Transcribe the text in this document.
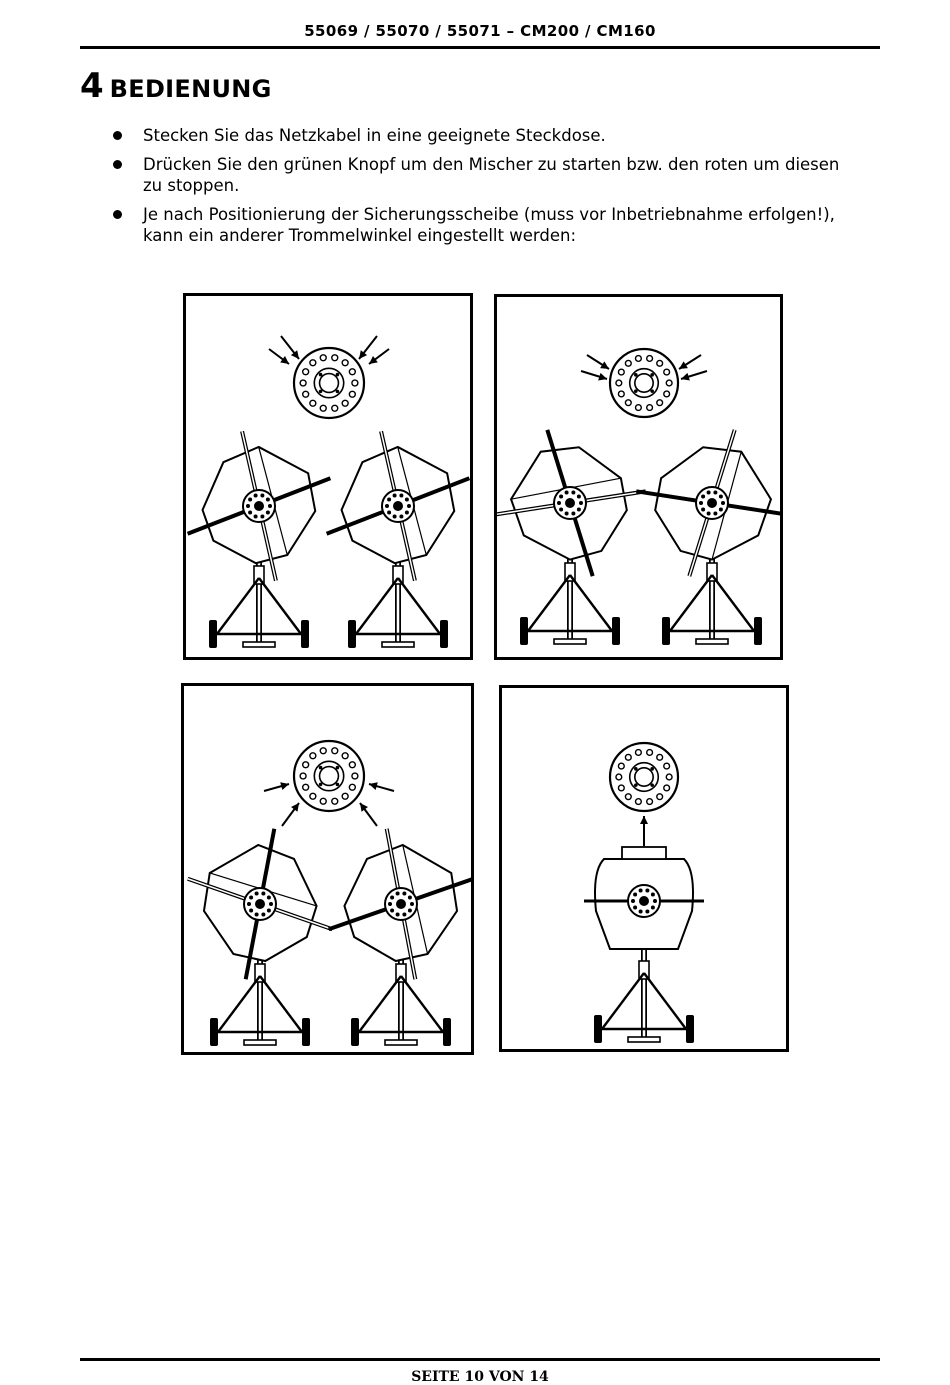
55069 / 55070 / 55071 – CM200 / CM160
4 BEDIENUNG
Stecken Sie das Netzkabel in eine geeignete Steckdose.
Drücken Sie den grünen Knopf um den Mischer zu starten bzw. den roten um diesen zu stoppen.
Je nach Positionierung der Sicherungsscheibe (muss vor Inbetriebnahme erfolgen!), kann ein anderer Trommelwinkel eingestellt werden:
SEITE 10 VON 14
